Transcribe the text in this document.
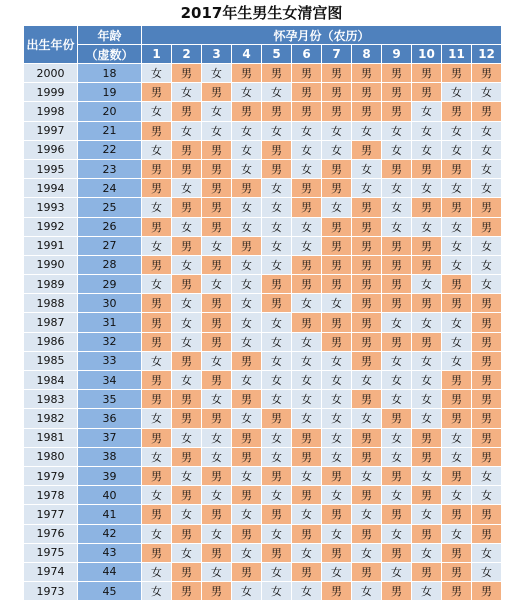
2017年生男生女清宫图
出生年份	年龄	怀孕月份（农历）											
	（虚数）	1	2	3	4	5	6	7	8	9	10	11	12
2000	18	女	男	女	男	男	男	男	男	男	男	男	男
1999	19	男	女	男	女	女	男	男	男	男	男	女	女
1998	20	女	男	女	男	男	男	男	男	男	女	男	男
1997	21	男	女	女	女	女	女	女	女	女	女	女	女
1996	22	女	男	男	女	男	女	女	男	女	女	女	女
1995	23	男	男	男	女	男	女	男	女	男	男	男	女
1994	24	男	女	男	男	女	男	男	女	女	女	女	女
1993	25	女	男	男	女	女	男	女	男	女	男	男	男
1992	26	男	女	男	女	女	女	男	男	女	女	女	男
1991	27	女	男	女	男	女	女	男	男	男	男	女	女
1990	28	男	女	男	女	女	男	男	男	男	男	女	女
1989	29	女	男	女	女	男	男	男	男	男	女	男	女
1988	30	男	女	男	女	男	女	女	男	男	男	男	男
1987	31	男	女	男	女	女	男	男	男	女	女	女	男
1986	32	男	女	男	女	女	女	男	男	男	男	女	男
1985	33	女	男	女	男	女	女	女	男	女	女	女	男
1984	34	男	女	男	女	女	女	女	女	女	女	男	男
1983	35	男	男	女	男	女	女	女	男	女	女	男	男
1982	36	女	男	男	女	男	女	女	女	男	女	男	男
1981	37	男	女	女	男	女	男	女	男	女	男	女	男
1980	38	女	男	女	男	女	男	女	男	女	男	女	男
1979	39	男	女	男	女	男	女	男	女	男	女	男	女
1978	40	女	男	女	男	女	男	女	男	女	男	女	女
1977	41	男	女	男	女	男	女	男	女	男	女	男	男
1976	42	女	男	女	男	女	男	女	男	女	男	女	男
1975	43	男	女	男	女	男	女	男	女	男	女	男	女
1974	44	女	男	女	男	女	男	女	男	女	男	男	女
1973	45	女	男	男	女	女	女	男	女	男	女	男	男
